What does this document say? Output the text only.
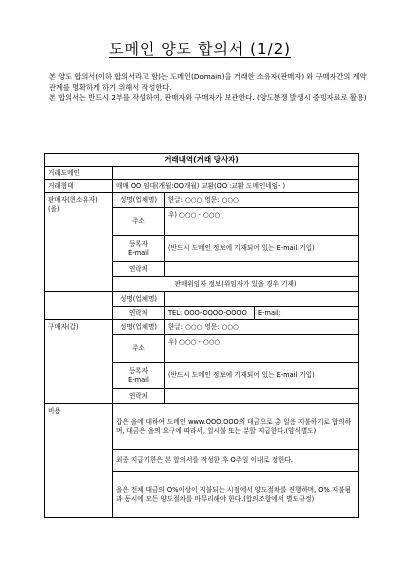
도메인 양도 합의서 (1/2)

본 양도 합의서(이하 합의서라고 함)는 도메인(Domain)을 거래한 소유자(판매자) 와 구매자간의 계약관계를 명확하게 하기 위해서 작성한다.

본 합의서는 반드시 2부를 작성하여, 판매자와 구매자가 보관한다. (양도분쟁 발생시 증빙자료로 활용)

거래내역(거래 당사자)			
거래도메인			
거래형태	매매 OO 임대(개월:OO개월) 교환(OO :교환 도메인네임- )		
판매자(현소유자)
(을)	성명(업체명)	한글: ○○○ 영문: ○○○	
	주소	우) ○○○ - ○○○	
	등록자
E-mail	(반드시 도메인 정보에 기재되어 있는 E-mail 기입)	
	연락처		
	판매위임자 정보(위임자가 있을 경우 기재)		
	성명(업체명)		
	연락처	TEL: OOO-OOOO-OOOO	E-mail:
구매자(갑)	성명(업체명)	한글: ○○○ 영문: ○○○	
	주소	우) ○○○ - ○○○	
	등록자
E-mail	(반드시 도메인 정보에 기재되어 있는 E-mail 기입)	
	연락처		
비용	갑은 을에 대하여 도메인 www.OOO.OOO의 대금으로 총 일응 지불하기로 합의하며, 대금은 을의 요구에 따라서, 일시불 또는 분할 지급한다.(양식별도)		
	최종 지급기한은 본 합의서를 작성한 후 O주일 이내로 정한다.		
	을은 전체 대금의 O%이상이 지불되는 시점에서 양도절차를 진행하며, O% 지불됨과 동시에 모든 양도절차를 마무리해야 한다.(합의조항에서 별도규정)		
